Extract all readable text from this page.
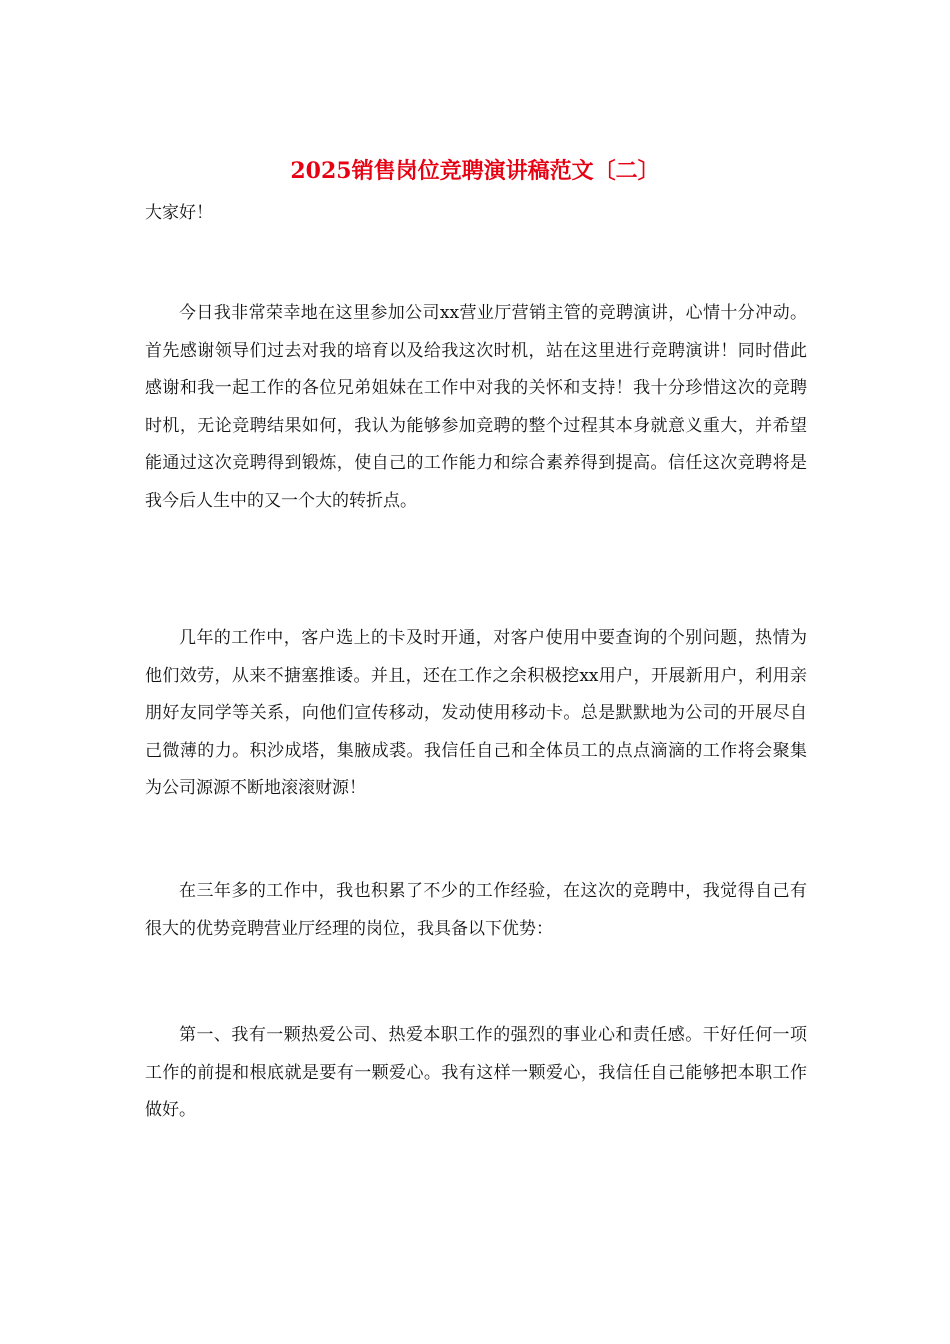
2025销售岗位竞聘演讲稿范文〔二〕

大家好！

今日我非常荣幸地在这里参加公司xx营业厅营销主管的竞聘演讲，心情十分冲动。首先感谢领导们过去对我的培育以及给我这次时机，站在这里进行竞聘演讲！同时借此感谢和我一起工作的各位兄弟姐妹在工作中对我的关怀和支持！我十分珍惜这次的竞聘时机，无论竞聘结果如何，我认为能够参加竞聘的整个过程其本身就意义重大，并希望能通过这次竞聘得到锻炼，使自己的工作能力和综合素养得到提高。信任这次竞聘将是我今后人生中的又一个大的转折点。

几年的工作中，客户选上的卡及时开通，对客户使用中要查询的个别问题，热情为他们效劳，从来不搪塞推诿。并且，还在工作之余积极挖xx用户，开展新用户，利用亲朋好友同学等关系，向他们宣传移动，发动使用移动卡。总是默默地为公司的开展尽自己微薄的力。积沙成塔，集腋成裘。我信任自己和全体员工的点点滴滴的工作将会聚集为公司源源不断地滚滚财源！

在三年多的工作中，我也积累了不少的工作经验，在这次的竞聘中，我觉得自己有很大的优势竞聘营业厅经理的岗位，我具备以下优势：

第一、我有一颗热爱公司、热爱本职工作的强烈的事业心和责任感。干好任何一项工作的前提和根底就是要有一颗爱心。我有这样一颗爱心，我信任自己能够把本职工作做好。
